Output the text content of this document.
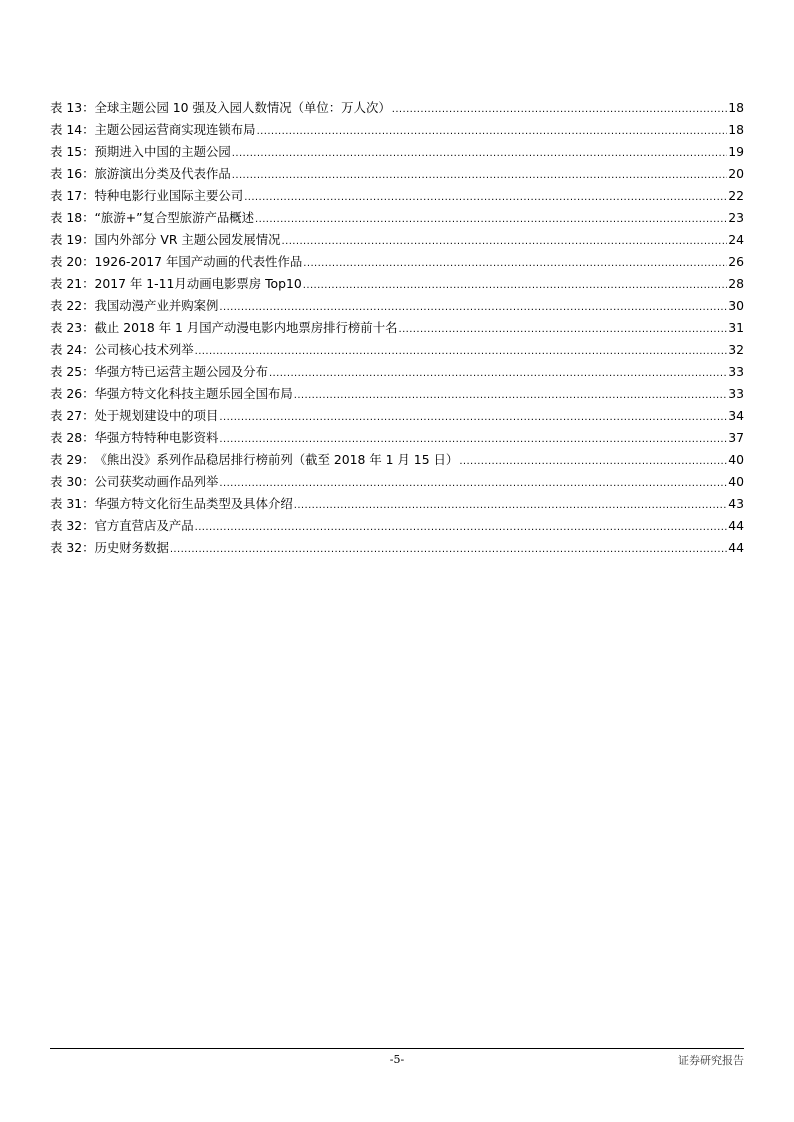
表 13： 全球主题公园 10 强及入园人数情况（单位：万人次） .....	18
表 14： 主题公园运营商实现连锁布局 .....	18
表 15： 预期进入中国的主题公园 .....	19
表 16： 旅游演出分类及代表作品 .....	20
表 17： 特种电影行业国际主要公司 .....	22
表 18： “旅游+”复合型旅游产品概述 .....	23
表 19： 国内外部分 VR 主题公园发展情况 .....	24
表 20： 1926-2017 年国产动画的代表性作品 .....	26
表 21： 2017 年 1-11月动画电影票房 Top10 .....	28
表 22： 我国动漫产业并购案例 .....	30
表 23： 截止 2018 年 1 月国产动漫电影内地票房排行榜前十名 .....	31
表 24： 公司核心技术列举 .....	32
表 25： 华强方特已运营主题公园及分布 .....	33
表 26： 华强方特文化科技主题乐园全国布局 .....	33
表 27： 处于规划建设中的项目 .....	34
表 28： 华强方特特种电影资料 .....	37
表 29： 《熊出没》系列作品稳居排行榜前列（截至 2018 年 1 月 15 日） .....	40
表 30： 公司获奖动画作品列举 .....	40
表 31： 华强方特文化衍生品类型及具体介绍 .....	43
表 32： 官方直营店及产品 .....	44
表 32： 历史财务数据 .....	44
-5-	证券研究报告
